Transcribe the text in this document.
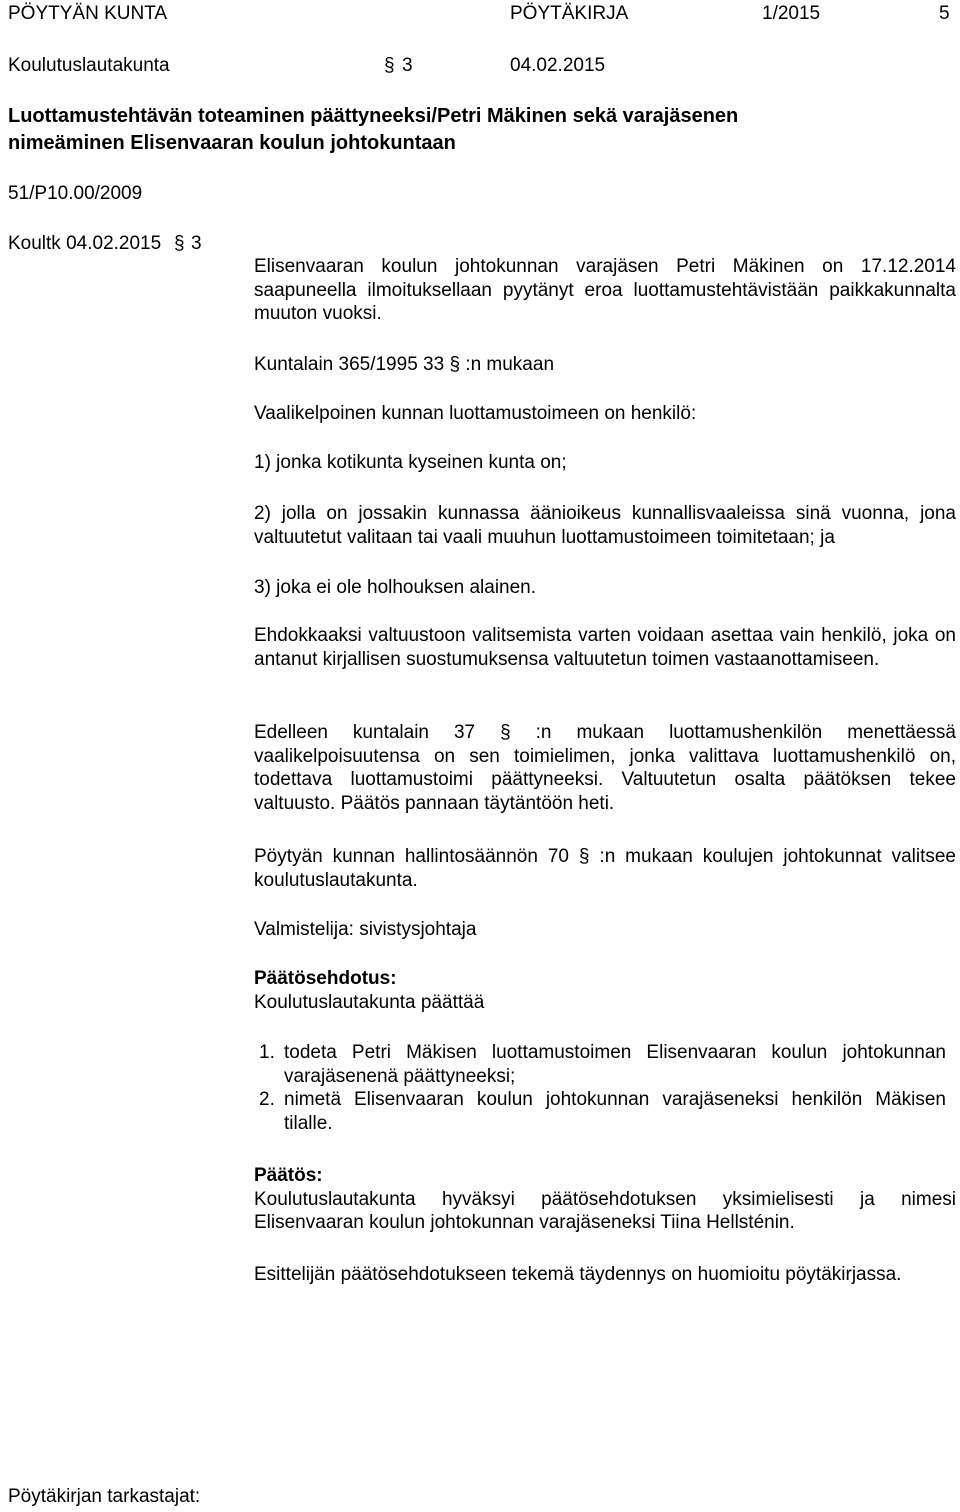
PÖYTYÄN KUNTA	PÖYTÄKIRJA	1/2015	5
Koulutuslautakunta	§ 3	04.02.2015
Luottamustehtävän toteaminen päättyneeksi/Petri Mäkinen sekä varajäsenen
nimeäminen Elisenvaaran koulun johtokuntaan
51/P10.00/2009
Koultk 04.02.2015 § 3

Elisenvaaran koulun johtokunnan varajäsen Petri Mäkinen on 17.12.2014 saapuneella ilmoituksellaan pyytänyt eroa luottamustehtävistään paikkakunnalta muuton vuoksi.

Kuntalain 365/1995 33 § :n mukaan

Vaalikelpoinen kunnan luottamustoimeen on henkilö:

1) jonka kotikunta kyseinen kunta on;

2) jolla on jossakin kunnassa äänioikeus kunnallisvaaleissa sinä vuonna, jona valtuutetut valitaan tai vaali muuhun luottamustoimeen toimitetaan; ja

3) joka ei ole holhouksen alainen.

Ehdokkaaksi valtuustoon valitsemista varten voidaan asettaa vain henkilö, joka on antanut kirjallisen suostumuksensa valtuutetun toimen vastaanottamiseen.

Edelleen kuntalain 37 § :n mukaan luottamushenkilön menettäessä vaalikelpoisuutensa on sen toimielimen, jonka valittava luottamushenkilö on, todettava luottamustoimi päättyneeksi. Valtuutetun osalta päätöksen tekee valtuusto. Päätös pannaan täytäntöön heti.

Pöytyän kunnan hallintosäännön 70 § :n mukaan koulujen johtokunnat valitsee koulutuslautakunta.

Valmistelija: sivistysjohtaja

Päätösehdotus:

Koulutuslautakunta päättää

1. todeta Petri Mäkisen luottamustoimen Elisenvaaran koulun johtokunnan varajäsenenä päättyneeksi;
2. nimetä Elisenvaaran koulun johtokunnan varajäseneksi henkilön Mäkisen tilalle.

Päätös:

Koulutuslautakunta hyväksyi päätösehdotuksen yksimielisesti ja nimesi Elisenvaaran koulun johtokunnan varajäseneksi Tiina Hellsténin.

Esittelijän päätösehdotukseen tekemä täydennys on huomioitu pöytäkirjassa.

Pöytäkirjan tarkastajat:
